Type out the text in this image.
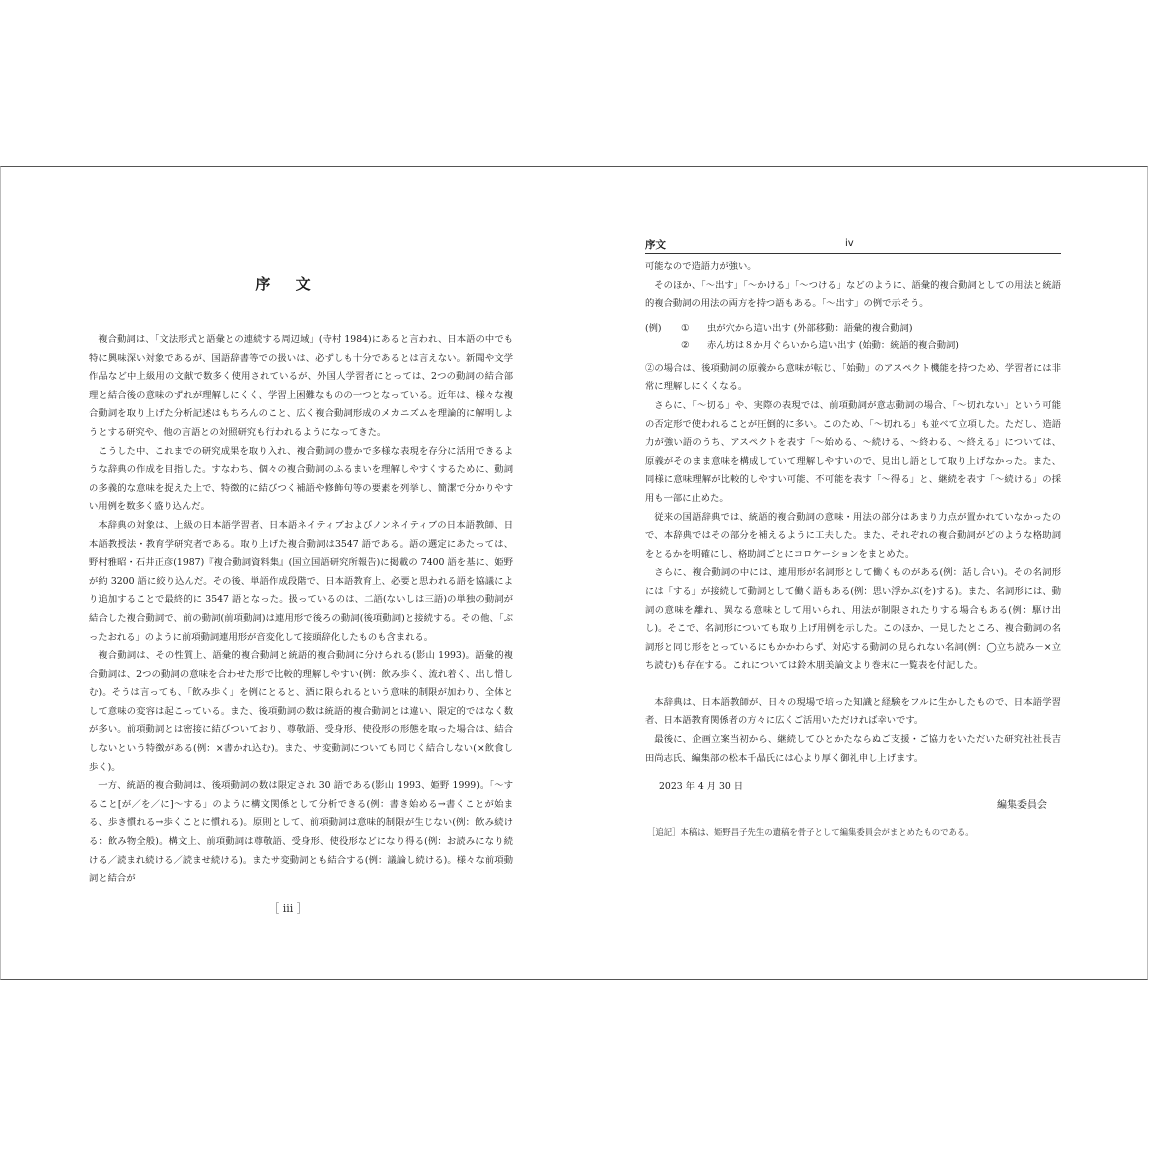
序 文

複合動詞は、「文法形式と語彙との連続する周辺域」(寺村 1984)にあると言われ、日本語の中でも特に興味深い対象であるが、国語辞書等での扱いは、必ずしも十分であるとは言えない。新聞や文学作品など中上級用の文献で数多く使用されているが、外国人学習者にとっては、2つの動詞の結合部理と結合後の意味のずれが理解しにくく、学習上困難なものの一つとなっている。近年は、様々な複合動詞を取り上げた分析記述はもちろんのこと、広く複合動詞形成のメカニズムを理論的に解明しようとする研究や、他の言語との対照研究も行われるようになってきた。

こうした中、これまでの研究成果を取り入れ、複合動詞の豊かで多様な表現を存分に活用できるような辞典の作成を目指した。すなわち、個々の複合動詞のふるまいを理解しやすくするために、動詞の多義的な意味を捉えた上で、特徴的に結びつく補語や修飾句等の要素を列挙し、簡潔で分かりやすい用例を数多く盛り込んだ。

本辞典の対象は、上級の日本語学習者、日本語ネイティブおよびノンネイティブの日本語教師、日本語教授法・教育学研究者である。取り上げた複合動詞は3547 語である。語の選定にあたっては、野村雅昭・石井正彦(1987)『複合動詞資料集』(国立国語研究所報告)に掲載の 7400 語を基に、姫野が約 3200 語に絞り込んだ。その後、単語作成段階で、日本語教育上、必要と思われる語を協議により追加することで最終的に 3547 語となった。扱っているのは、二語(ないしは三語)の単独の動詞が結合した複合動詞で、前の動詞(前項動詞)は連用形で後ろの動詞(後項動詞)と接続する。その他、「ぶったおれる」のように前項動詞連用形が音変化して接頭辞化したものも含まれる。

複合動詞は、その性質上、語彙的複合動詞と統語的複合動詞に分けられる(影山 1993)。語彙的複合動詞は、2つの動詞の意味を合わせた形で比較的理解しやすい(例：飲み歩く、流れ着く、出し惜しむ)。そうは言っても、「飲み歩く」を例にとると、酒に限られるという意味的制限が加わり、全体として意味の変容は起こっている。また、後項動詞の数は統語的複合動詞とは違い、限定的ではなく数が多い。前項動詞とは密接に結びついており、尊敬語、受身形、使役形の形態を取った場合は、結合しないという特徴がある(例：×書かれ込む)。また、サ変動詞についても同じく結合しない(×飲食し歩く)。

一方、統語的複合動詞は、後項動詞の数は限定され 30 語である(影山 1993、姫野 1999)。「～すること[が／を／に]～する」のように構文関係として分析できる(例：書き始める→書くことが始まる、歩き慣れる→歩くことに慣れる)。原則として、前項動詞は意味的制限が生じない(例：飲み続ける：飲み物全般)。構文上、前項動詞は尊敬語、受身形、使役形などになり得る(例：お読みになり続ける／読まれ続ける／読ませ続ける)。またサ変動詞とも結合する(例：議論し続ける)。様々な前項動詞と結合が

［ iii ］
序文	iv

可能なので造語力が強い。

そのほか、「～出す」「～かける」「～つける」などのように、語彙的複合動詞としての用法と統語的複合動詞の用法の両方を持つ語もある。「～出す」の例で示そう。

(例)	①	虫が穴から這い出す (外部移動：語彙的複合動詞)
②	赤ん坊は８か月ぐらいから這い出す (始動：統語的複合動詞)

②の場合は、後項動詞の原義から意味が転じ、「始動」のアスペクト機能を持つため、学習者には非常に理解しにくくなる。

さらに、「～切る」や、実際の表現では、前項動詞が意志動詞の場合、「～切れない」という可能の否定形で使われることが圧倒的に多い。このため、「～切れる」も並べて立項した。ただし、造語力が強い語のうち、アスペクトを表す「～始める、～続ける、～終わる、～終える」については、原義がそのまま意味を構成していて理解しやすいので、見出し語として取り上げなかった。また、同様に意味理解が比較的しやすい可能、不可能を表す「～得る」と、継続を表す「～続ける」の採用も一部に止めた。

従来の国語辞典では、統語的複合動詞の意味・用法の部分はあまり力点が置かれていなかったので、本辞典ではその部分を補えるように工夫した。また、それぞれの複合動詞がどのような格助詞をとるかを明確にし、格助詞ごとにコロケーションをまとめた。

さらに、複合動詞の中には、連用形が名詞形として働くものがある(例：話し合い)。その名詞形には「する」が接続して動詞として働く語もある(例：思い浮かぶ(を)する)。また、名詞形には、動詞の意味を離れ、異なる意味として用いられ、用法が制限されたりする場合もある(例：駆け出し)。そこで、名詞形についても取り上げ用例を示した。このほか、一見したところ、複合動詞の名詞形と同じ形をとっているにもかかわらず、対応する動詞の見られない名詞(例：◯立ち読み－×立ち読む)も存在する。これについては鈴木朋美論文より巻末に一覧表を付記した。

本辞典は、日本語教師が、日々の現場で培った知識と経験をフルに生かしたもので、日本語学習者、日本語教育関係者の方々に広くご活用いただければ幸いです。

最後に、企画立案当初から、継続してひとかたならぬご支援・ご協力をいただいた研究社社長吉田尚志氏、編集部の松本千晶氏には心より厚く御礼申し上げます。

2023 年 4 月 30 日
編集委員会
［追記］本稿は、姫野昌子先生の遺稿を骨子として編集委員会がまとめたものである。
